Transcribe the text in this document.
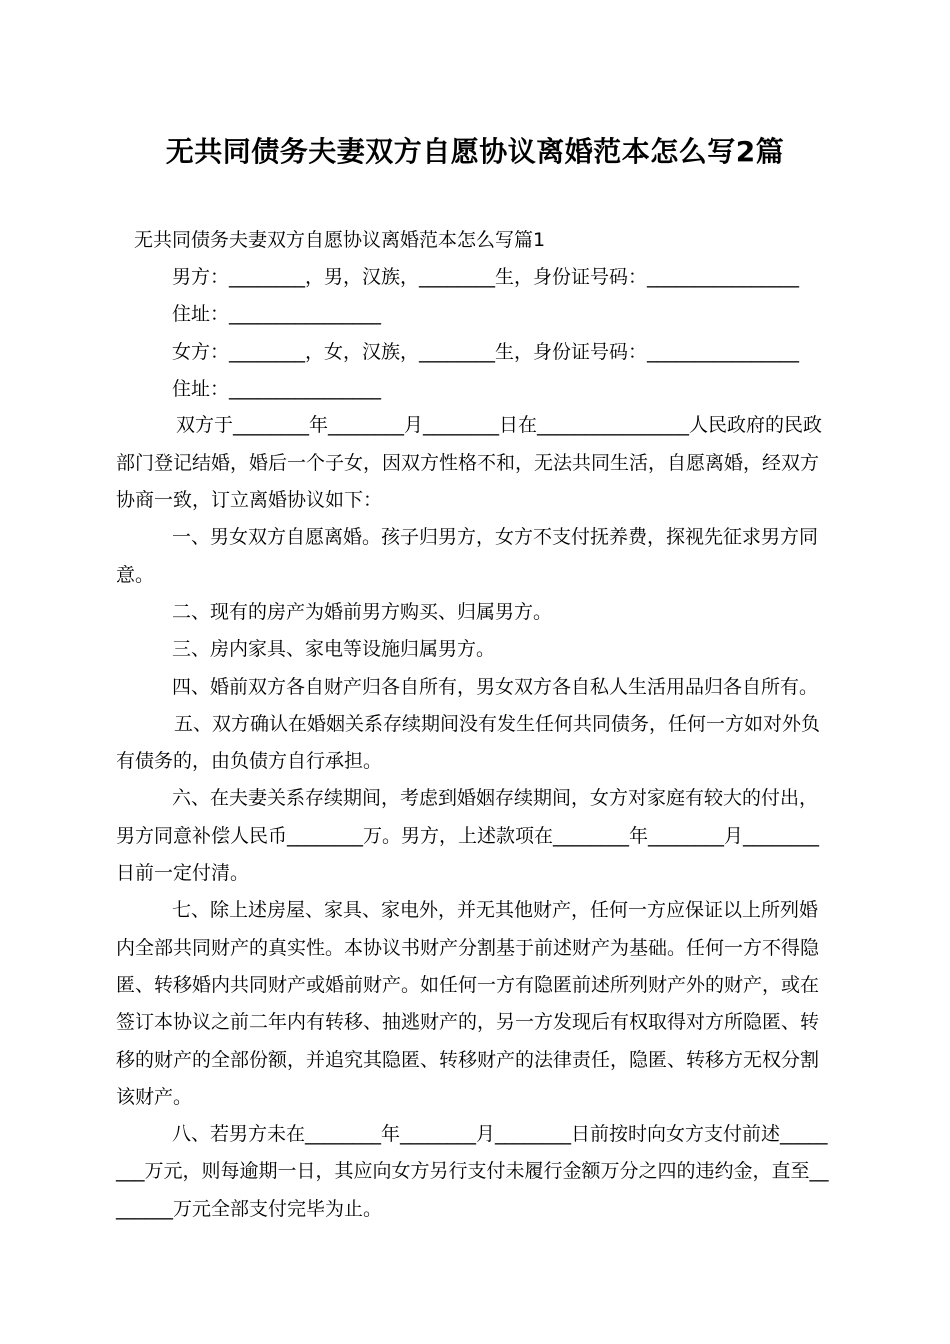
无共同债务夫妻双方自愿协议离婚范本怎么写2篇
无共同债务夫妻双方自愿协议离婚范本怎么写篇1
男方：________，男，汉族，________生，身份证号码：________________
住址：________________
女方：________，女，汉族，________生，身份证号码：________________
住址：________________
双方于________年________月________日在________________人民政府的民政
部门登记结婚，婚后一个子女，因双方性格不和，无法共同生活，自愿离婚，经双方
协商一致，订立离婚协议如下：
一、男女双方自愿离婚。孩子归男方，女方不支付抚养费，探视先征求男方同
意。
二、现有的房产为婚前男方购买、归属男方。
三、房内家具、家电等设施归属男方。
四、婚前双方各自财产归各自所有，男女双方各自私人生活用品归各自所有。
五、双方确认在婚姻关系存续期间没有发生任何共同债务，任何一方如对外负
有债务的，由负债方自行承担。
六、在夫妻关系存续期间，考虑到婚姻存续期间，女方对家庭有较大的付出，
男方同意补偿人民币________万。男方，上述款项在________年________月________
日前一定付清。
七、除上述房屋、家具、家电外，并无其他财产，任何一方应保证以上所列婚
内全部共同财产的真实性。本协议书财产分割基于前述财产为基础。任何一方不得隐
匿、转移婚内共同财产或婚前财产。如任何一方有隐匿前述所列财产外的财产，或在
签订本协议之前二年内有转移、抽逃财产的，另一方发现后有权取得对方所隐匿、转
移的财产的全部份额，并追究其隐匿、转移财产的法律责任，隐匿、转移方无权分割
该财产。
八、若男方未在________年________月________日前按时向女方支付前述_____
___万元，则每逾期一日，其应向女方另行支付未履行金额万分之四的违约金，直至__
______万元全部支付完毕为止。
